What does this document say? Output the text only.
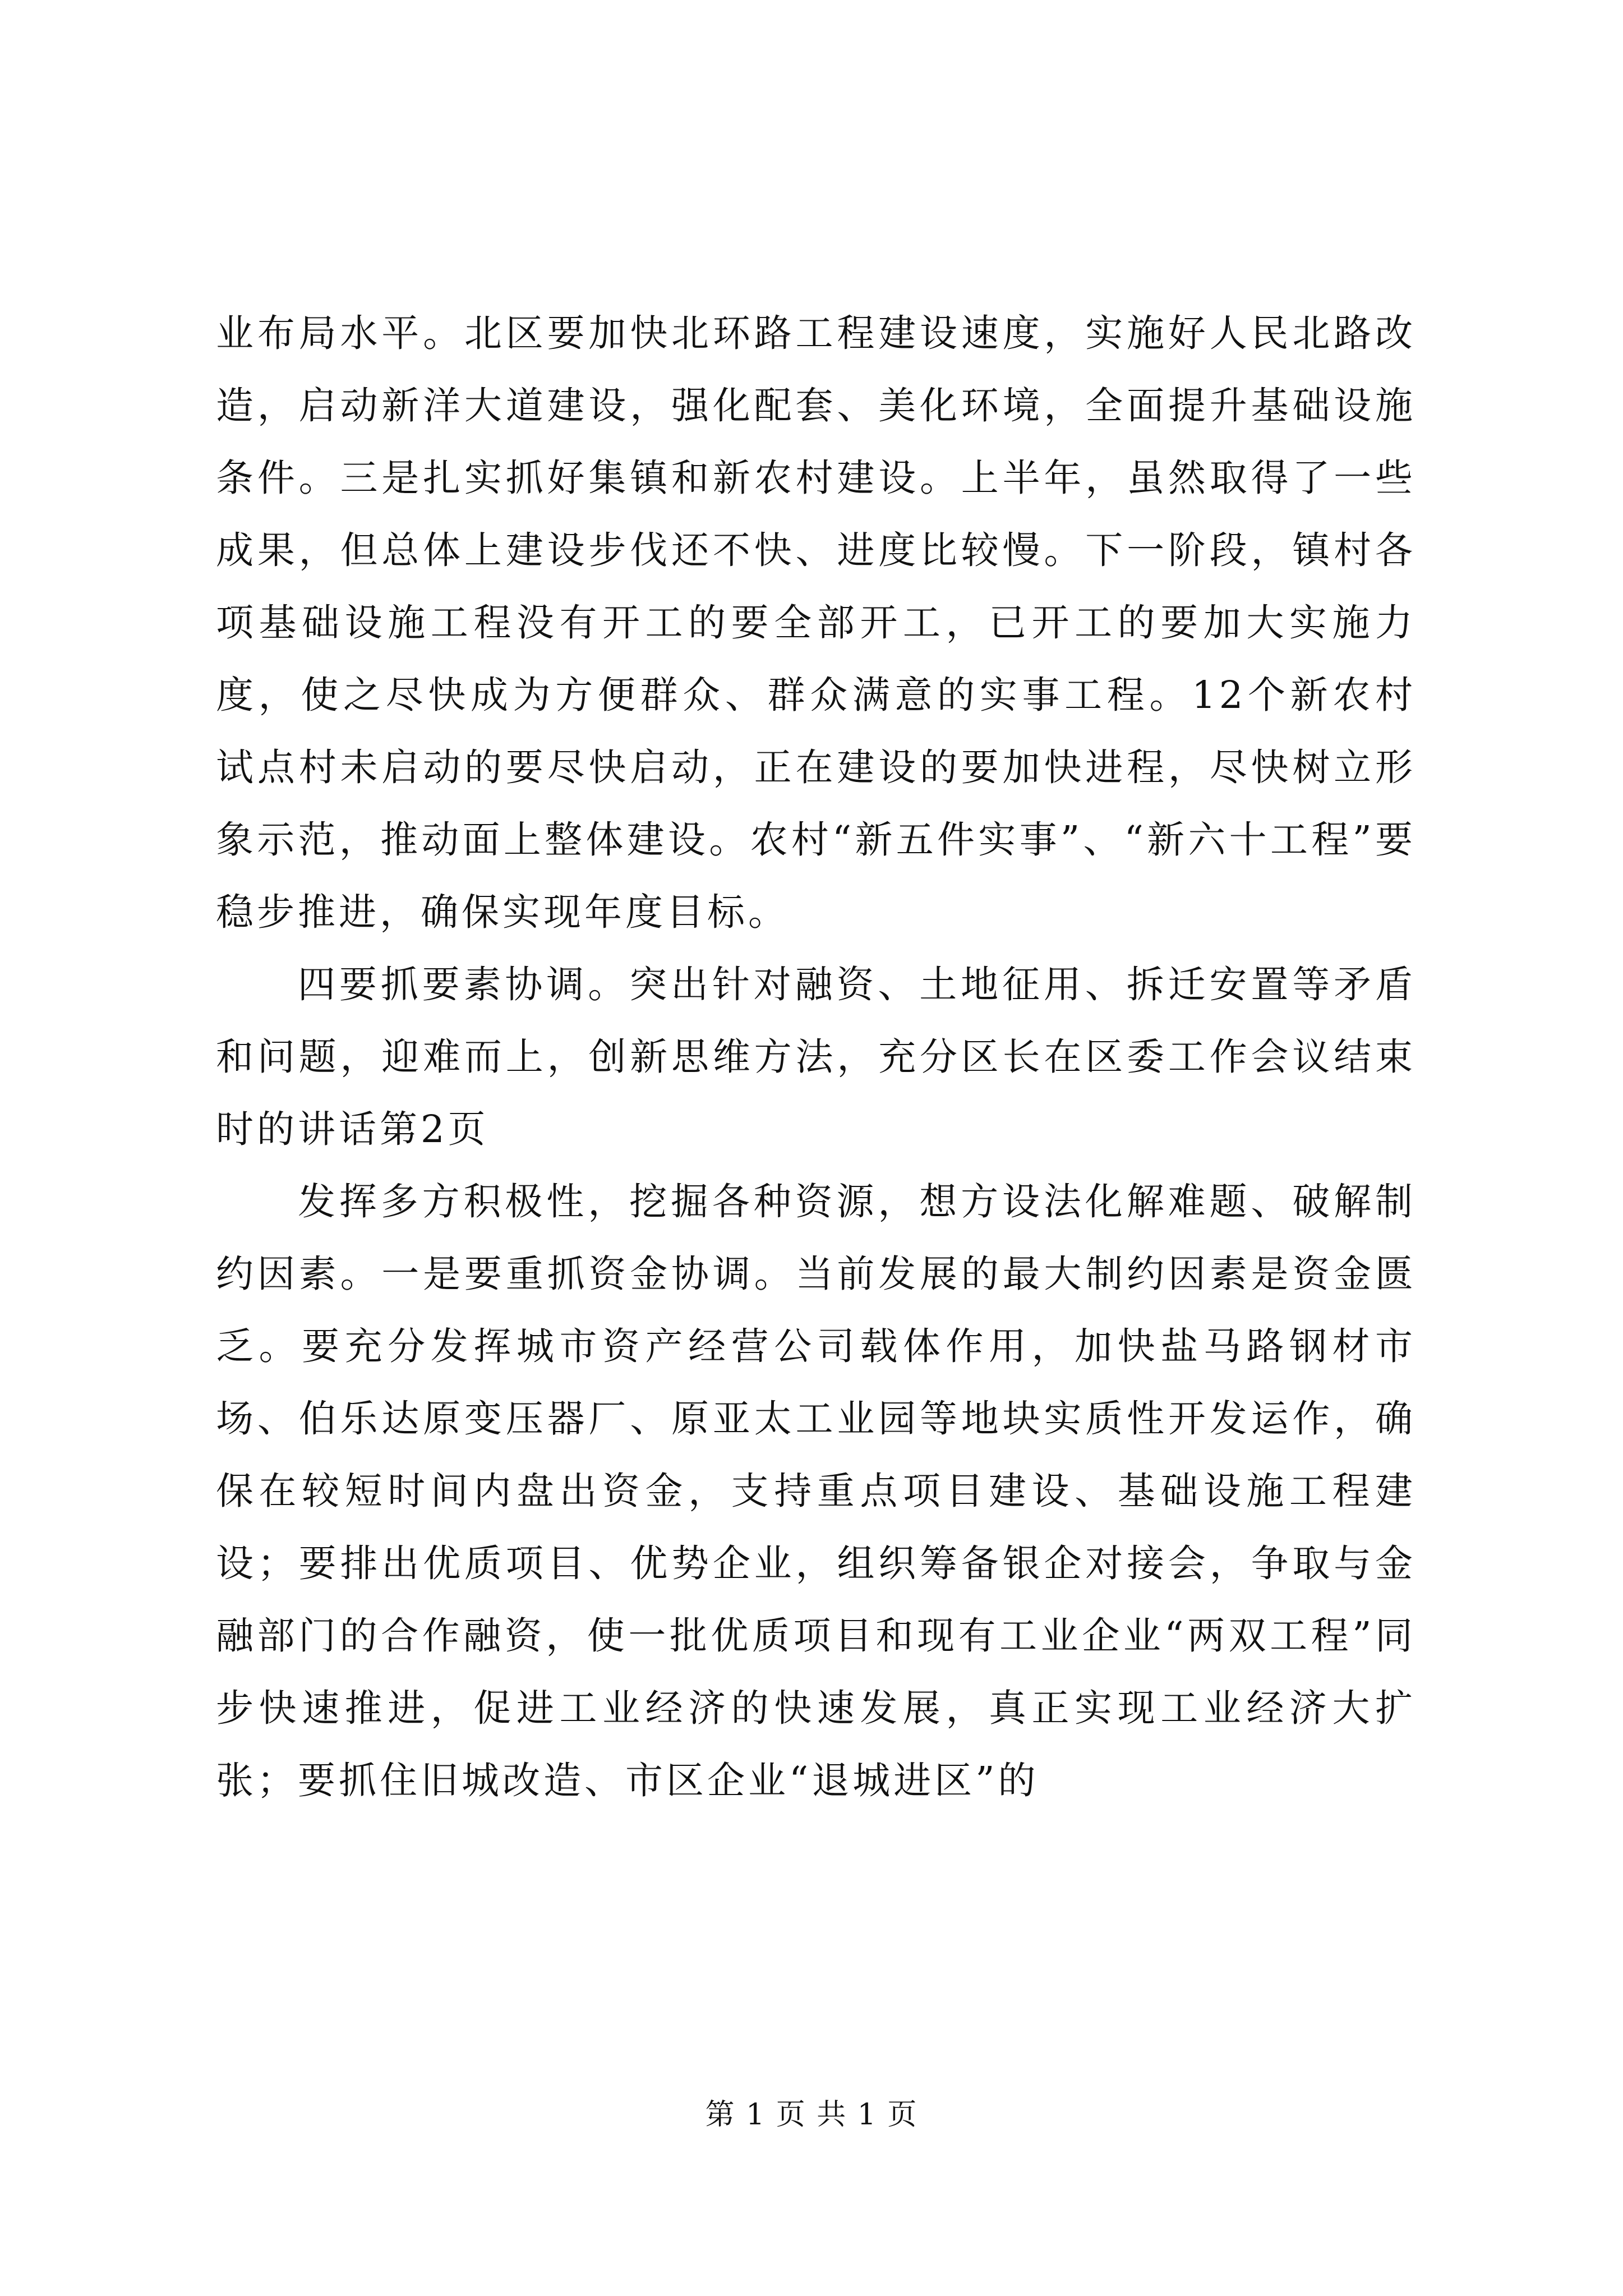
业布局水平。北区要加快北环路工程建设速度，实施好人民北路改造，启动新洋大道建设，强化配套、美化环境，全面提升基础设施条件。三是扎实抓好集镇和新农村建设。上半年，虽然取得了一些成果，但总体上建设步伐还不快、进度比较慢。下一阶段，镇村各项基础设施工程没有开工的要全部开工，已开工的要加大实施力度，使之尽快成为方便群众、群众满意的实事工程。12个新农村试点村未启动的要尽快启动，正在建设的要加快进程，尽快树立形象示范，推动面上整体建设。农村“新五件实事”、“新六十工程”要稳步推进，确保实现年度目标。

四要抓要素协调。突出针对融资、土地征用、拆迁安置等矛盾和问题，迎难而上，创新思维方法，充分区长在区委工作会议结束时的讲话第2页

发挥多方积极性，挖掘各种资源，想方设法化解难题、破解制约因素。一是要重抓资金协调。当前发展的最大制约因素是资金匮乏。要充分发挥城市资产经营公司载体作用，加快盐马路钢材市场、伯乐达原变压器厂、原亚太工业园等地块实质性开发运作，确保在较短时间内盘出资金，支持重点项目建设、基础设施工程建设；要排出优质项目、优势企业，组织筹备银企对接会，争取与金融部门的合作融资，使一批优质项目和现有工业企业“两双工程”同步快速推进，促进工业经济的快速发展，真正实现工业经济大扩张；要抓住旧城改造、市区企业“退城进区”的

第 1 页 共 1 页
